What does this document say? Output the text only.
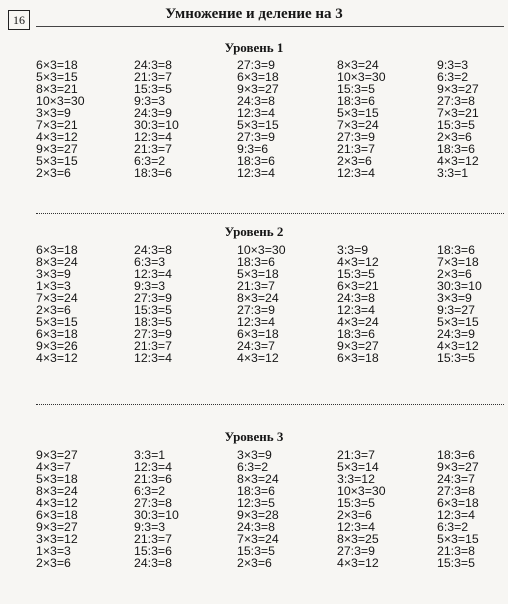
16	Умножение и деление на 3
Уровень 1
6×3=18
5×3=15
8×3=21
10×3=30
3×3=9
7×3=21
4×3=12
9×3=27
5×3=15
2×3=6
24:3=8
21:3=7
15:3=5
9:3=3
24:3=9
30:3=10
12:3=4
21:3=7
6:3=2
18:3=6
27:3=9
6×3=18
9×3=27
24:3=8
12:3=4
5×3=15
27:3=9
9:3=6
18:3=6
12:3=4
8×3=24
10×3=30
15:3=5
18:3=6
5×3=15
7×3=24
27:3=9
21:3=7
2×3=6
12:3=4
9:3=3
6:3=2
9×3=27
27:3=8
7×3=21
15:3=5
2×3=6
18:3=6
4×3=12
3:3=1
Уровень 2
6×3=18
8×3=24
3×3=9
1×3=3
7×3=24
2×3=6
5×3=15
6×3=18
9×3=26
4×3=12
24:3=8
6:3=3
12:3=4
9:3=3
27:3=9
15:3=5
18:3=5
27:3=9
21:3=7
12:3=4
10×3=30
18:3=6
5×3=18
21:3=7
8×3=24
27:3=9
12:3=4
6×3=18
24:3=7
4×3=12
3:3=9
4×3=12
15:3=5
6×3=21
24:3=8
12:3=4
4×3=24
18:3=6
9×3=27
6×3=18
18:3=6
7×3=18
2×3=6
30:3=10
3×3=9
9:3=27
5×3=15
24:3=9
4×3=12
15:3=5
Уровень 3
9×3=27
4×3=7
5×3=18
8×3=24
4×3=12
6×3=18
9×3=27
3×3=12
1×3=3
2×3=6
3:3=1
12:3=4
21:3=6
6:3=2
27:3=8
30:3=10
9:3=3
21:3=7
15:3=6
24:3=8
3×3=9
6:3=2
8×3=24
18:3=6
12:3=5
9×3=28
24:3=8
7×3=24
15:3=5
2×3=6
21:3=7
5×3=14
3:3=12
10×3=30
15:3=5
2×3=6
12:3=4
8×3=25
27:3=9
4×3=12
18:3=6
9×3=27
24:3=7
27:3=8
6×3=18
12:3=4
6:3=2
5×3=15
21:3=8
15:3=5
